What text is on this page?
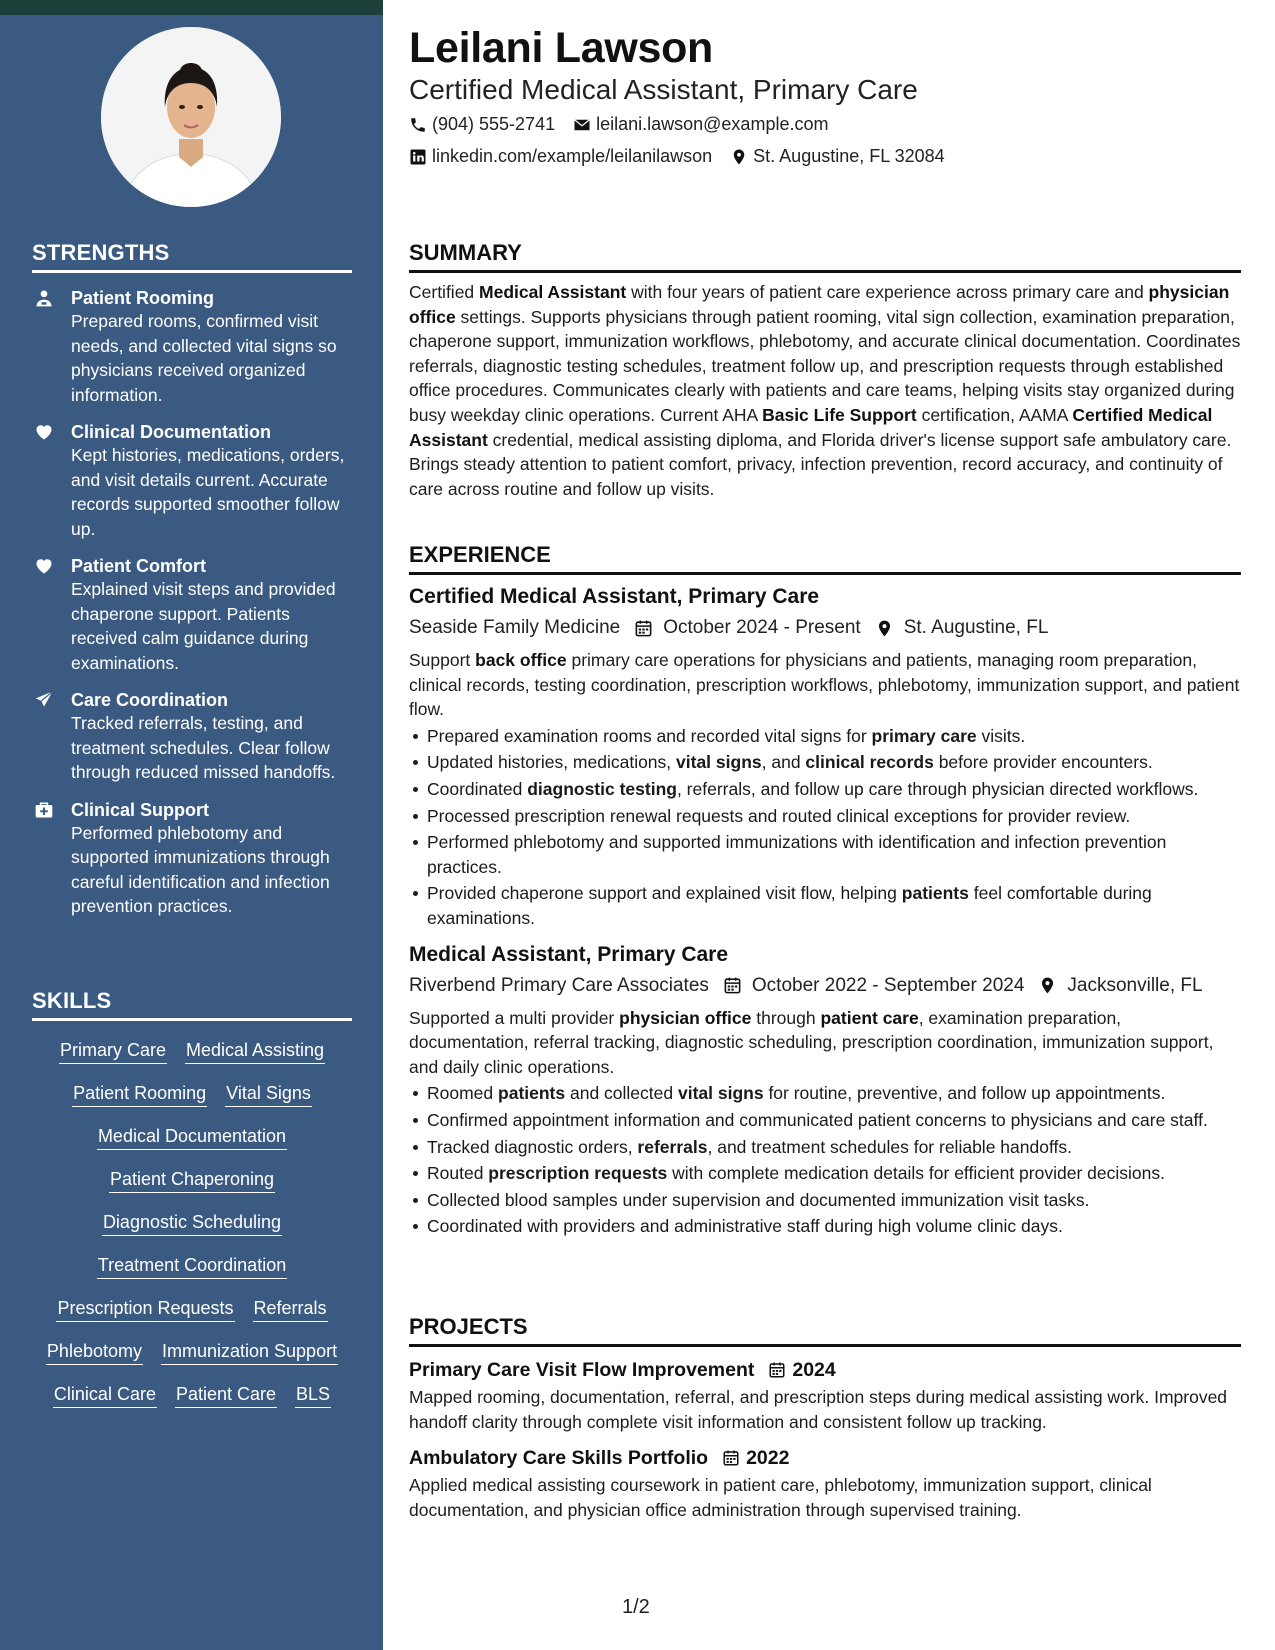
STRENGTHS
Patient Rooming
Prepared rooms, confirmed visit needs, and collected vital signs so physicians received organized information.
Clinical Documentation
Kept histories, medications, orders, and visit details current. Accurate records supported smoother follow up.
Patient Comfort
Explained visit steps and provided chaperone support. Patients received calm guidance during examinations.
Care Coordination
Tracked referrals, testing, and treatment schedules. Clear follow through reduced missed handoffs.
Clinical Support
Performed phlebotomy and supported immunizations through careful identification and infection prevention practices.
SKILLS
Primary Care Medical Assisting
Patient Rooming Vital Signs
Medical Documentation
Patient Chaperoning
Diagnostic Scheduling
Treatment Coordination
Prescription Requests Referrals
Phlebotomy Immunization Support
Clinical Care Patient Care BLS
Leilani Lawson
Certified Medical Assistant, Primary Care
(904) 555-2741 leilani.lawson@example.com
linkedin.com/example/leilanilawson St. Augustine, FL 32084
SUMMARY
Certified Medical Assistant with four years of patient care experience across primary care and physician office settings. Supports physicians through patient rooming, vital sign collection, examination preparation, chaperone support, immunization workflows, phlebotomy, and accurate clinical documentation. Coordinates referrals, diagnostic testing schedules, treatment follow up, and prescription requests through established office procedures. Communicates clearly with patients and care teams, helping visits stay organized during busy weekday clinic operations. Current AHA Basic Life Support certification, AAMA Certified Medical Assistant credential, medical assisting diploma, and Florida driver's license support safe ambulatory care. Brings steady attention to patient comfort, privacy, infection prevention, record accuracy, and continuity of care across routine and follow up visits.
EXPERIENCE
Certified Medical Assistant, Primary Care
Seaside Family Medicine October 2024 - Present St. Augustine, FL
Support back office primary care operations for physicians and patients, managing room preparation, clinical records, testing coordination, prescription workflows, phlebotomy, immunization support, and patient flow.
Prepared examination rooms and recorded vital signs for primary care visits.
Updated histories, medications, vital signs, and clinical records before provider encounters.
Coordinated diagnostic testing, referrals, and follow up care through physician directed workflows.
Processed prescription renewal requests and routed clinical exceptions for provider review.
Performed phlebotomy and supported immunizations with identification and infection prevention practices.
Provided chaperone support and explained visit flow, helping patients feel comfortable during examinations.
Medical Assistant, Primary Care
Riverbend Primary Care Associates October 2022 - September 2024 Jacksonville, FL
Supported a multi provider physician office through patient care, examination preparation, documentation, referral tracking, diagnostic scheduling, prescription coordination, immunization support, and daily clinic operations.
Roomed patients and collected vital signs for routine, preventive, and follow up appointments.
Confirmed appointment information and communicated patient concerns to physicians and care staff.
Tracked diagnostic orders, referrals, and treatment schedules for reliable handoffs.
Routed prescription requests with complete medication details for efficient provider decisions.
Collected blood samples under supervision and documented immunization visit tasks.
Coordinated with providers and administrative staff during high volume clinic days.
PROJECTS
Primary Care Visit Flow Improvement 2024
Mapped rooming, documentation, referral, and prescription steps during medical assisting work. Improved handoff clarity through complete visit information and consistent follow up tracking.
Ambulatory Care Skills Portfolio 2022
Applied medical assisting coursework in patient care, phlebotomy, immunization support, clinical documentation, and physician office administration through supervised training.
1/2
